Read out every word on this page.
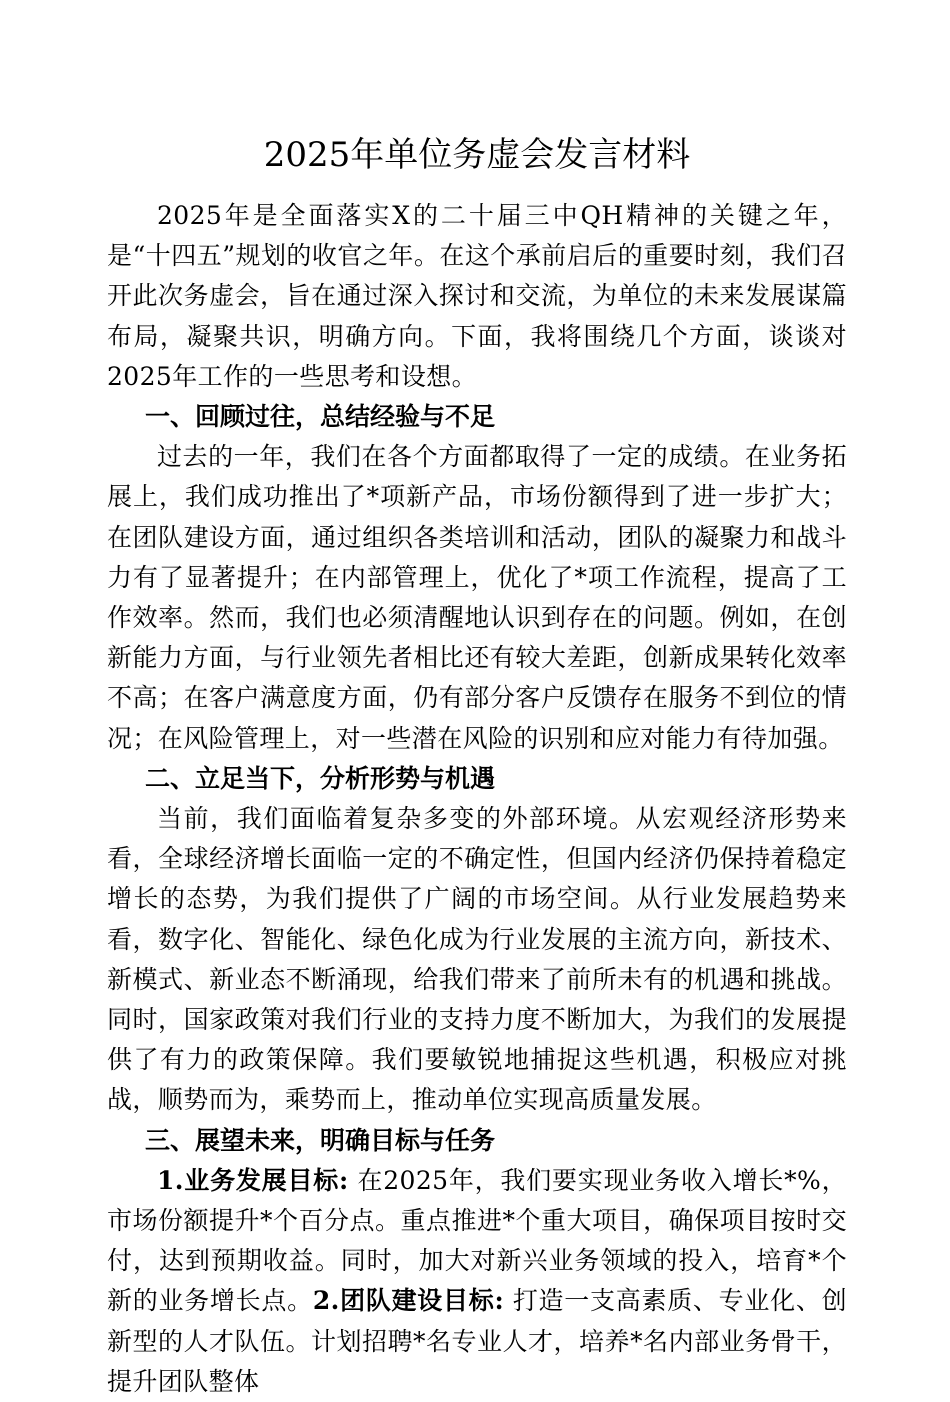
2025年单位务虚会发言材料

2025年是全面落实X的二十届三中QH精神的关键之年，是“十四五”规划的收官之年。在这个承前启后的重要时刻，我们召开此次务虚会，旨在通过深入探讨和交流，为单位的未来发展谋篇布局，凝聚共识，明确方向。下面，我将围绕几个方面，谈谈对2025年工作的一些思考和设想。

一、回顾过往，总结经验与不足

过去的一年，我们在各个方面都取得了一定的成绩。在业务拓展上，我们成功推出了*项新产品，市场份额得到了进一步扩大；在团队建设方面，通过组织各类培训和活动，团队的凝聚力和战斗力有了显著提升；在内部管理上，优化了*项工作流程，提高了工作效率。然而，我们也必须清醒地认识到存在的问题。例如，在创新能力方面，与行业领先者相比还有较大差距，创新成果转化效率不高；在客户满意度方面，仍有部分客户反馈存在服务不到位的情况；在风险管理上，对一些潜在风险的识别和应对能力有待加强。

二、立足当下，分析形势与机遇

当前，我们面临着复杂多变的外部环境。从宏观经济形势来看，全球经济增长面临一定的不确定性，但国内经济仍保持着稳定增长的态势，为我们提供了广阔的市场空间。从行业发展趋势来看，数字化、智能化、绿色化成为行业发展的主流方向，新技术、新模式、新业态不断涌现，给我们带来了前所未有的机遇和挑战。同时，国家政策对我们行业的支持力度不断加大，为我们的发展提供了有力的政策保障。我们要敏锐地捕捉这些机遇，积极应对挑战，顺势而为，乘势而上，推动单位实现高质量发展。

三、展望未来，明确目标与任务

1.业务发展目标: 在2025年，我们要实现业务收入增长*%，市场份额提升*个百分点。重点推进*个重大项目，确保项目按时交付，达到预期收益。同时，加大对新兴业务领域的投入，培育*个新的业务增长点。2.团队建设目标: 打造一支高素质、专业化、创新型的人才队伍。计划招聘*名专业人才，培养*名内部业务骨干，提升团队整体
